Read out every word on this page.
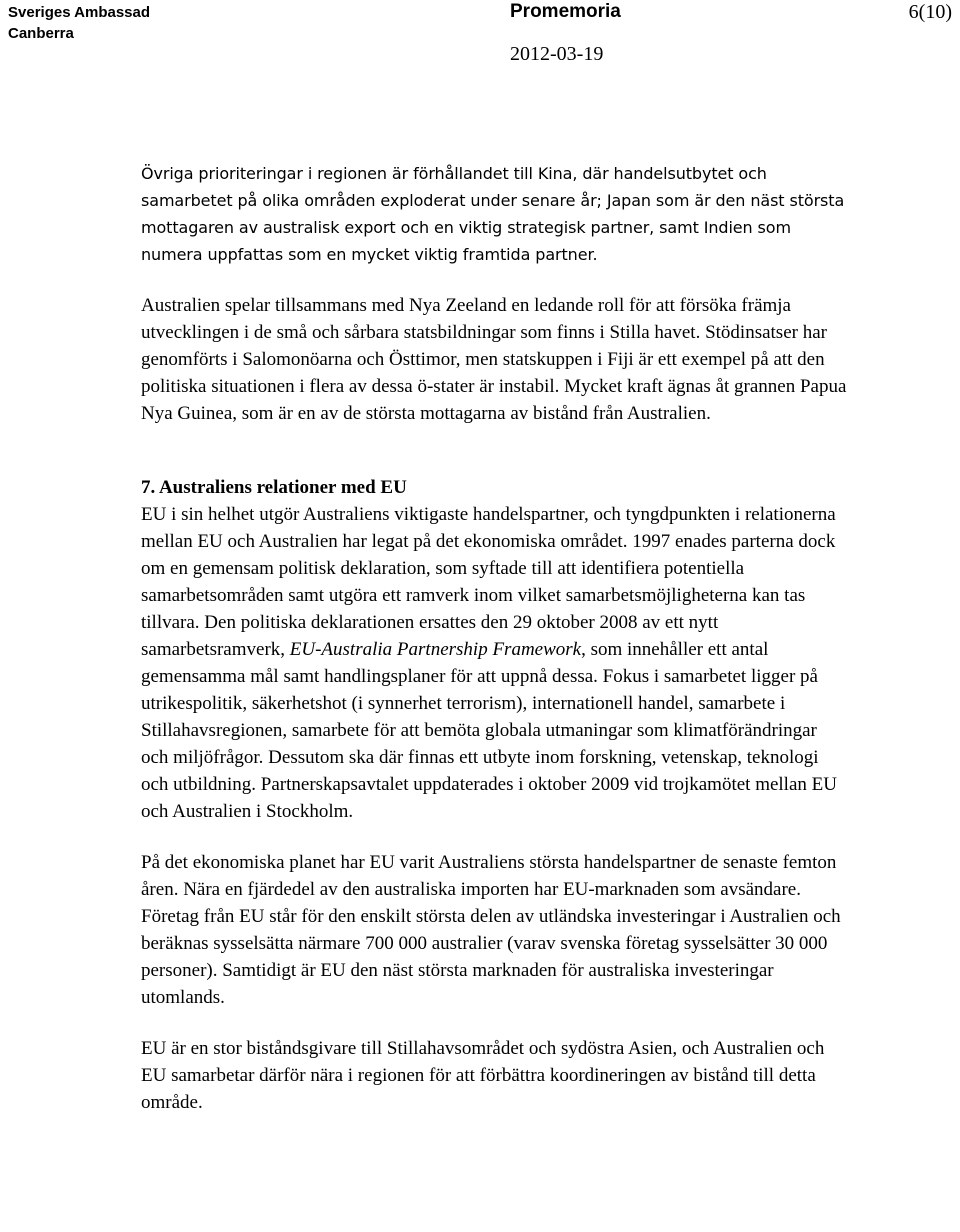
Sveriges Ambassad
Canberra
Promemoria	6(10)
2012-03-19

Övriga prioriteringar i regionen är förhållandet till Kina, där handelsutbytet och samarbetet på olika områden exploderat under senare år; Japan som är den näst största mottagaren av australisk export och en viktig strategisk partner, samt Indien som numera uppfattas som en mycket viktig framtida partner.

Australien spelar tillsammans med Nya Zeeland en ledande roll för att försöka främja utvecklingen i de små och sårbara statsbildningar som finns i Stilla havet. Stödinsatser har genomförts i Salomonöarna och Östtimor, men statskuppen i Fiji är ett exempel på att den politiska situationen i flera av dessa ö-stater är instabil. Mycket kraft ägnas åt grannen Papua Nya Guinea, som är en av de största mottagarna av bistånd från Australien.

7. Australiens relationer med EU

EU i sin helhet utgör Australiens viktigaste handelspartner, och tyngdpunkten i relationerna mellan EU och Australien har legat på det ekonomiska området. 1997 enades parterna dock om en gemensam politisk deklaration, som syftade till att identifiera potentiella samarbetsområden samt utgöra ett ramverk inom vilket samarbetsmöjligheterna kan tas tillvara. Den politiska deklarationen ersattes den 29 oktober 2008 av ett nytt samarbetsramverk, EU-Australia Partnership Framework, som innehåller ett antal gemensamma mål samt handlingsplaner för att uppnå dessa. Fokus i samarbetet ligger på utrikespolitik, säkerhetshot (i synnerhet terrorism), internationell handel, samarbete i Stillahavsregionen, samarbete för att bemöta globala utmaningar som klimatförändringar och miljöfrågor. Dessutom ska där finnas ett utbyte inom forskning, vetenskap, teknologi och utbildning. Partnerskapsavtalet uppdaterades i oktober 2009 vid trojkamötet mellan EU och Australien i Stockholm.

På det ekonomiska planet har EU varit Australiens största handelspartner de senaste femton åren. Nära en fjärdedel av den australiska importen har EU-marknaden som avsändare. Företag från EU står för den enskilt största delen av utländska investeringar i Australien och beräknas sysselsätta närmare 700 000 australier (varav svenska företag sysselsätter 30 000 personer). Samtidigt är EU den näst största marknaden för australiska investeringar utomlands.

EU är en stor biståndsgivare till Stillahavsområdet och sydöstra Asien, och Australien och EU samarbetar därför nära i regionen för att förbättra koordineringen av bistånd till detta område.
